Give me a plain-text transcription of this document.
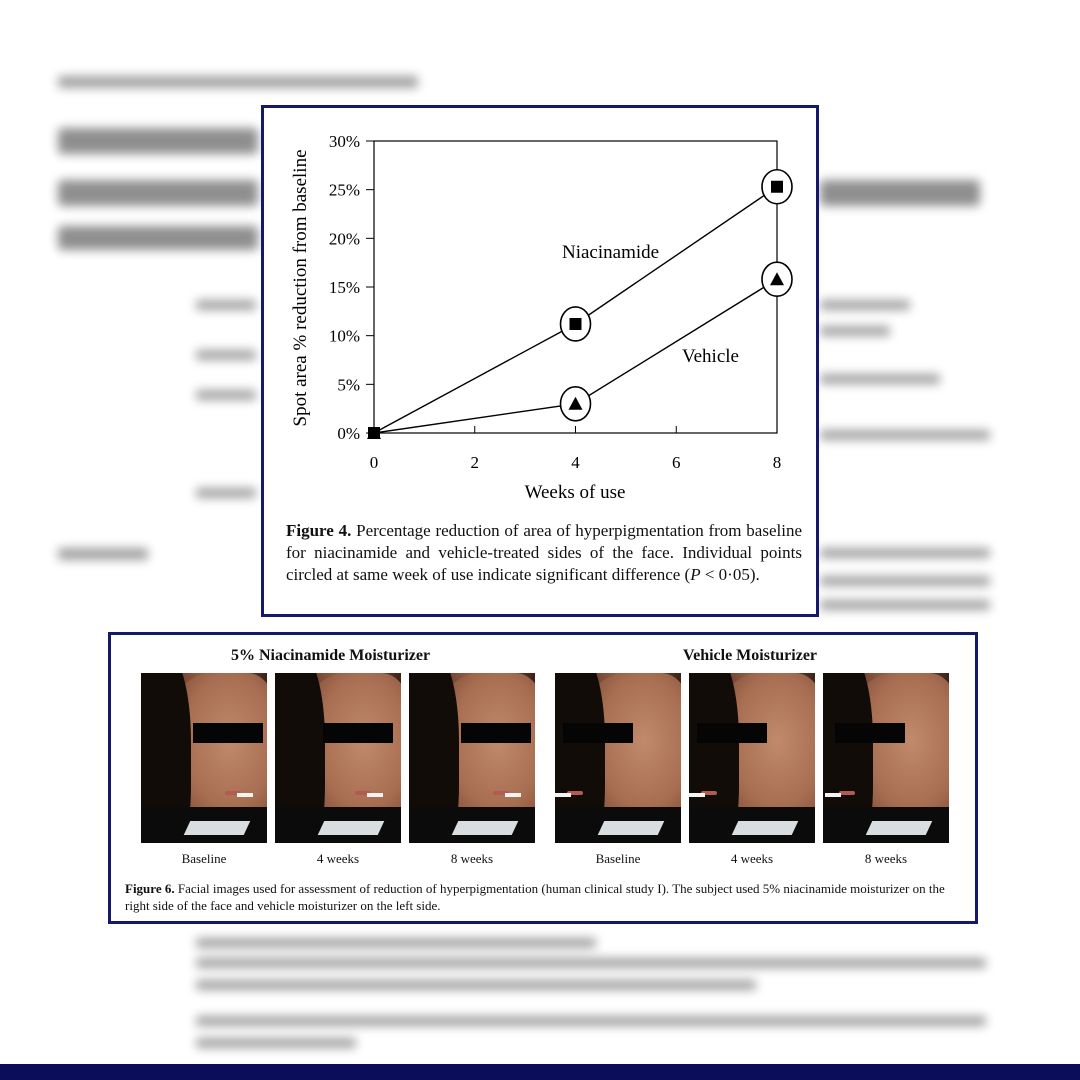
0%
5%
10%
15%
20%
25%
30%
0	2	4	6	8
Niacinamide
Vehicle
Weeks of use
Spot area % reduction from baseline
Figure 4. Percentage reduction of area of hyperpigmentation from baseline for niacinamide and vehicle-treated sides of the face. Individual points circled at same week of use indicate significant difference (P < 0·05).
5% Niacinamide Moisturizer	Vehicle Moisturizer
Baseline	4 weeks	8 weeks	Baseline	4 weeks	8 weeks
Figure 6. Facial images used for assessment of reduction of hyperpigmentation (human clinical study I). The subject used 5% niacinamide moisturizer on the right side of the face and vehicle moisturizer on the left side.
